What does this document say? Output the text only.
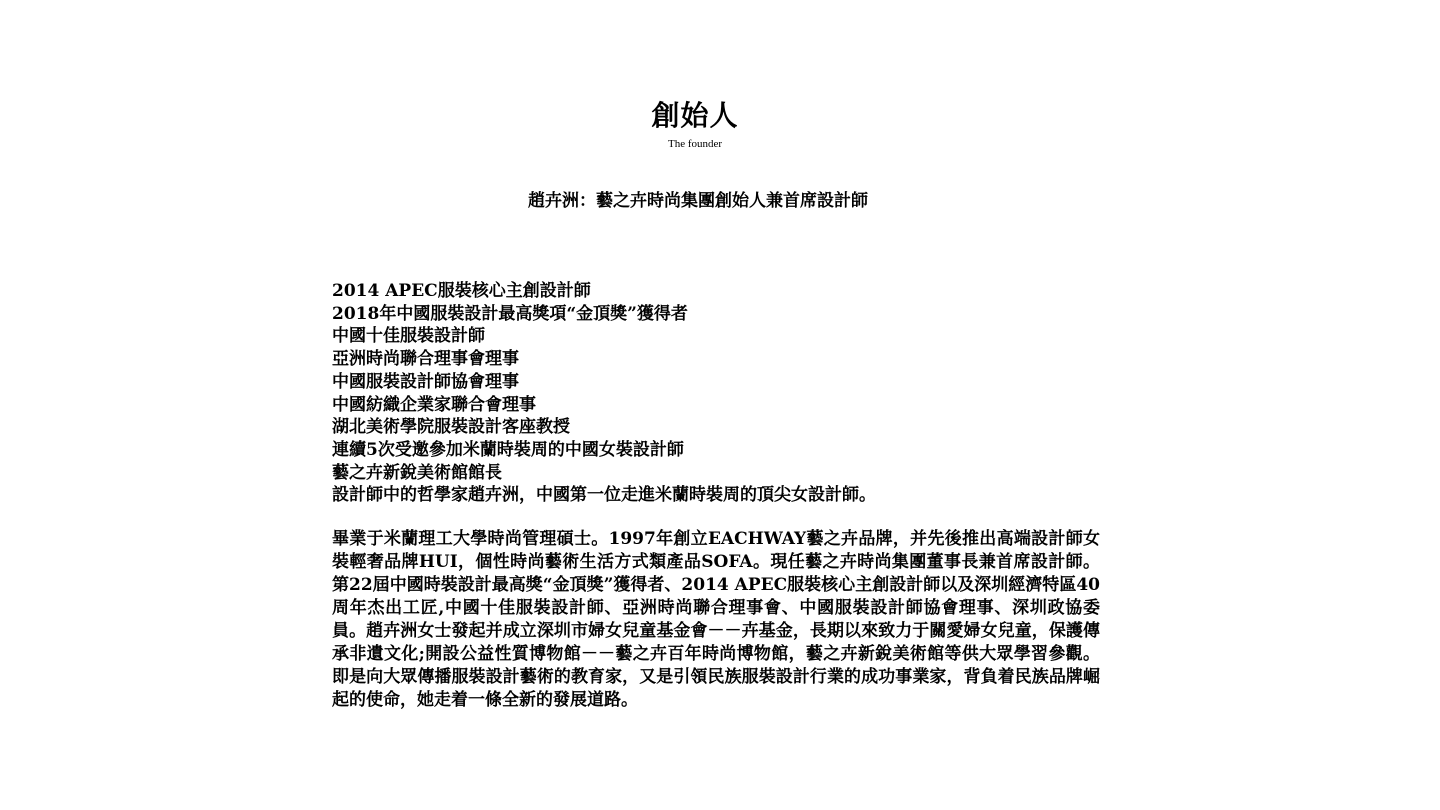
創始人
The founder
趙卉洲：藝之卉時尚集團創始人兼首席設計師
2014 APEC服裝核心主創設計師
2018年中國服裝設計最高獎項“金頂獎”獲得者
中國十佳服裝設計師
亞洲時尚聯合理事會理事
中國服裝設計師協會理事
中國紡織企業家聯合會理事
湖北美術學院服裝設計客座教授
連續5次受邀參加米蘭時裝周的中國女裝設計師
藝之卉新銳美術館館長
設計師中的哲學家趙卉洲，中國第一位走進米蘭時裝周的頂尖女設計師。

畢業于米蘭理工大學時尚管理碩士。1997年創立EACHWAY藝之卉品牌，并先後推出高端設計師女裝輕奢品牌HUI，個性時尚藝術生活方式類產品SOFA。現任藝之卉時尚集團董事長兼首席設計師。第22屆中國時裝設計最高獎“金頂獎”獲得者、2014 APEC服裝核心主創設計師以及深圳經濟特區40周年杰出工匠,中國十佳服裝設計師、亞洲時尚聯合理事會、中國服裝設計師協會理事、深圳政協委員。趙卉洲女士發起并成立深圳市婦女兒童基金會－－卉基金，長期以來致力于關愛婦女兒童，保護傳承非遺文化;開設公益性質博物館－－藝之卉百年時尚博物館，藝之卉新銳美術館等供大眾學習參觀。即是向大眾傳播服裝設計藝術的教育家，又是引領民族服裝設計行業的成功事業家，背負着民族品牌崛起的使命，她走着一條全新的發展道路。
